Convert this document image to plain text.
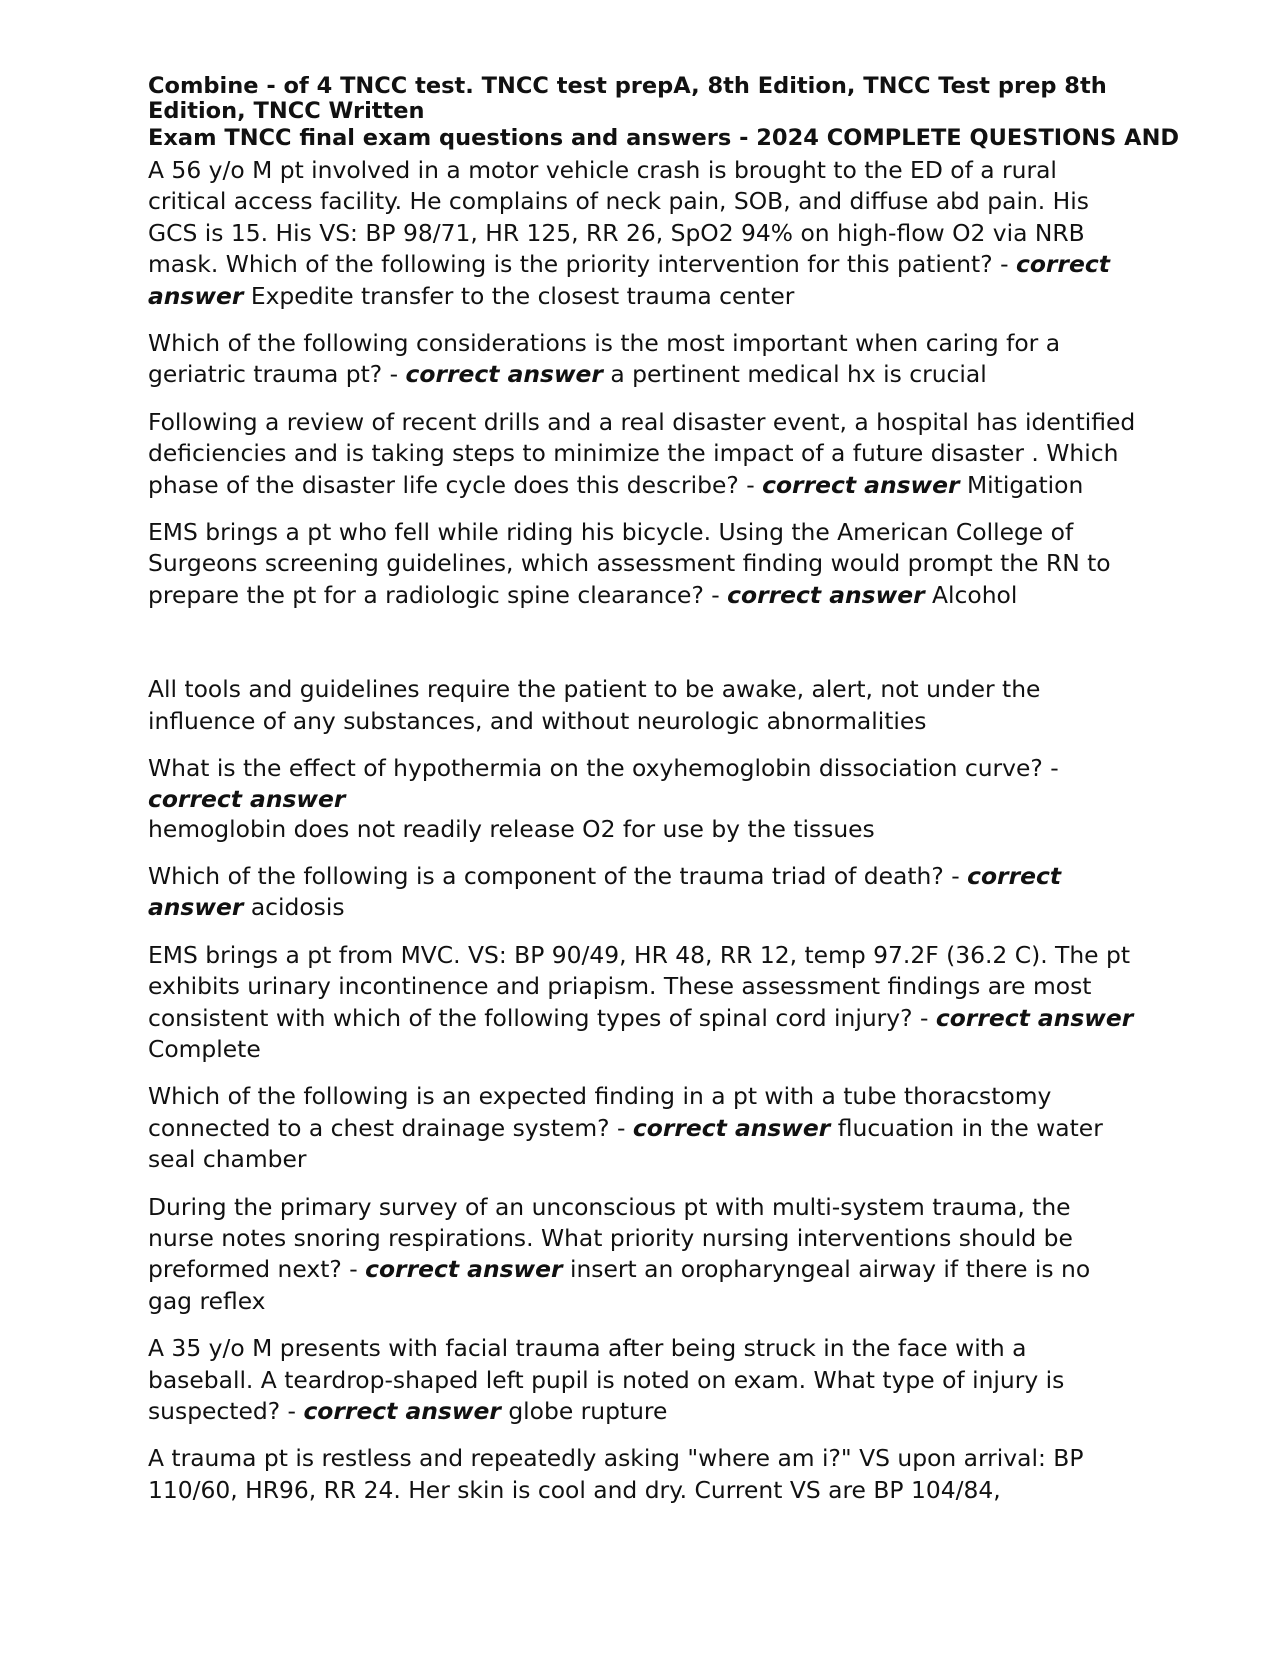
Combine - of 4 TNCC test. TNCC test prepA, 8th Edition, TNCC Test prep 8th Edition, TNCC Written
Exam TNCC final exam questions and answers - 2024 COMPLETE QUESTIONS AND

A 56 y/o M pt involved in a motor vehicle crash is brought to the ED of a rural critical access facility. He complains of neck pain, SOB, and diffuse abd pain. His GCS is 15. His VS: BP 98/71, HR 125, RR 26, SpO2 94% on high-flow O2 via NRB mask. Which of the following is the priority intervention for this patient? - correct answer Expedite transfer to the closest trauma center

Which of the following considerations is the most important when caring for a geriatric trauma pt? - correct answer a pertinent medical hx is crucial

Following a review of recent drills and a real disaster event, a hospital has identified deficiencies and is taking steps to minimize the impact of a future disaster . Which phase of the disaster life cycle does this describe? - correct answer Mitigation

EMS brings a pt who fell while riding his bicycle. Using the American College of Surgeons screening guidelines, which assessment finding would prompt the RN to prepare the pt for a radiologic spine clearance? - correct answer Alcohol

All tools and guidelines require the patient to be awake, alert, not under the influence of any substances, and without neurologic abnormalities

What is the effect of hypothermia on the oxyhemoglobin dissociation curve? -
correct answer
hemoglobin does not readily release O2 for use by the tissues

Which of the following is a component of the trauma triad of death? - correct answer acidosis

EMS brings a pt from MVC. VS: BP 90/49, HR 48, RR 12, temp 97.2F (36.2 C). The pt exhibits urinary incontinence and priapism. These assessment findings are most consistent with which of the following types of spinal cord injury? - correct answer Complete

Which of the following is an expected finding in a pt with a tube thoracstomy connected to a chest drainage system? - correct answer flucuation in the water seal chamber

During the primary survey of an unconscious pt with multi-system trauma, the nurse notes snoring respirations. What priority nursing interventions should be preformed next? - correct answer insert an oropharyngeal airway if there is no gag reflex

A 35 y/o M presents with facial trauma after being struck in the face with a baseball. A teardrop-shaped left pupil is noted on exam. What type of injury is suspected? - correct answer globe rupture

A trauma pt is restless and repeatedly asking "where am i?" VS upon arrival: BP 110/60, HR96, RR 24. Her skin is cool and dry. Current VS are BP 104/84,
